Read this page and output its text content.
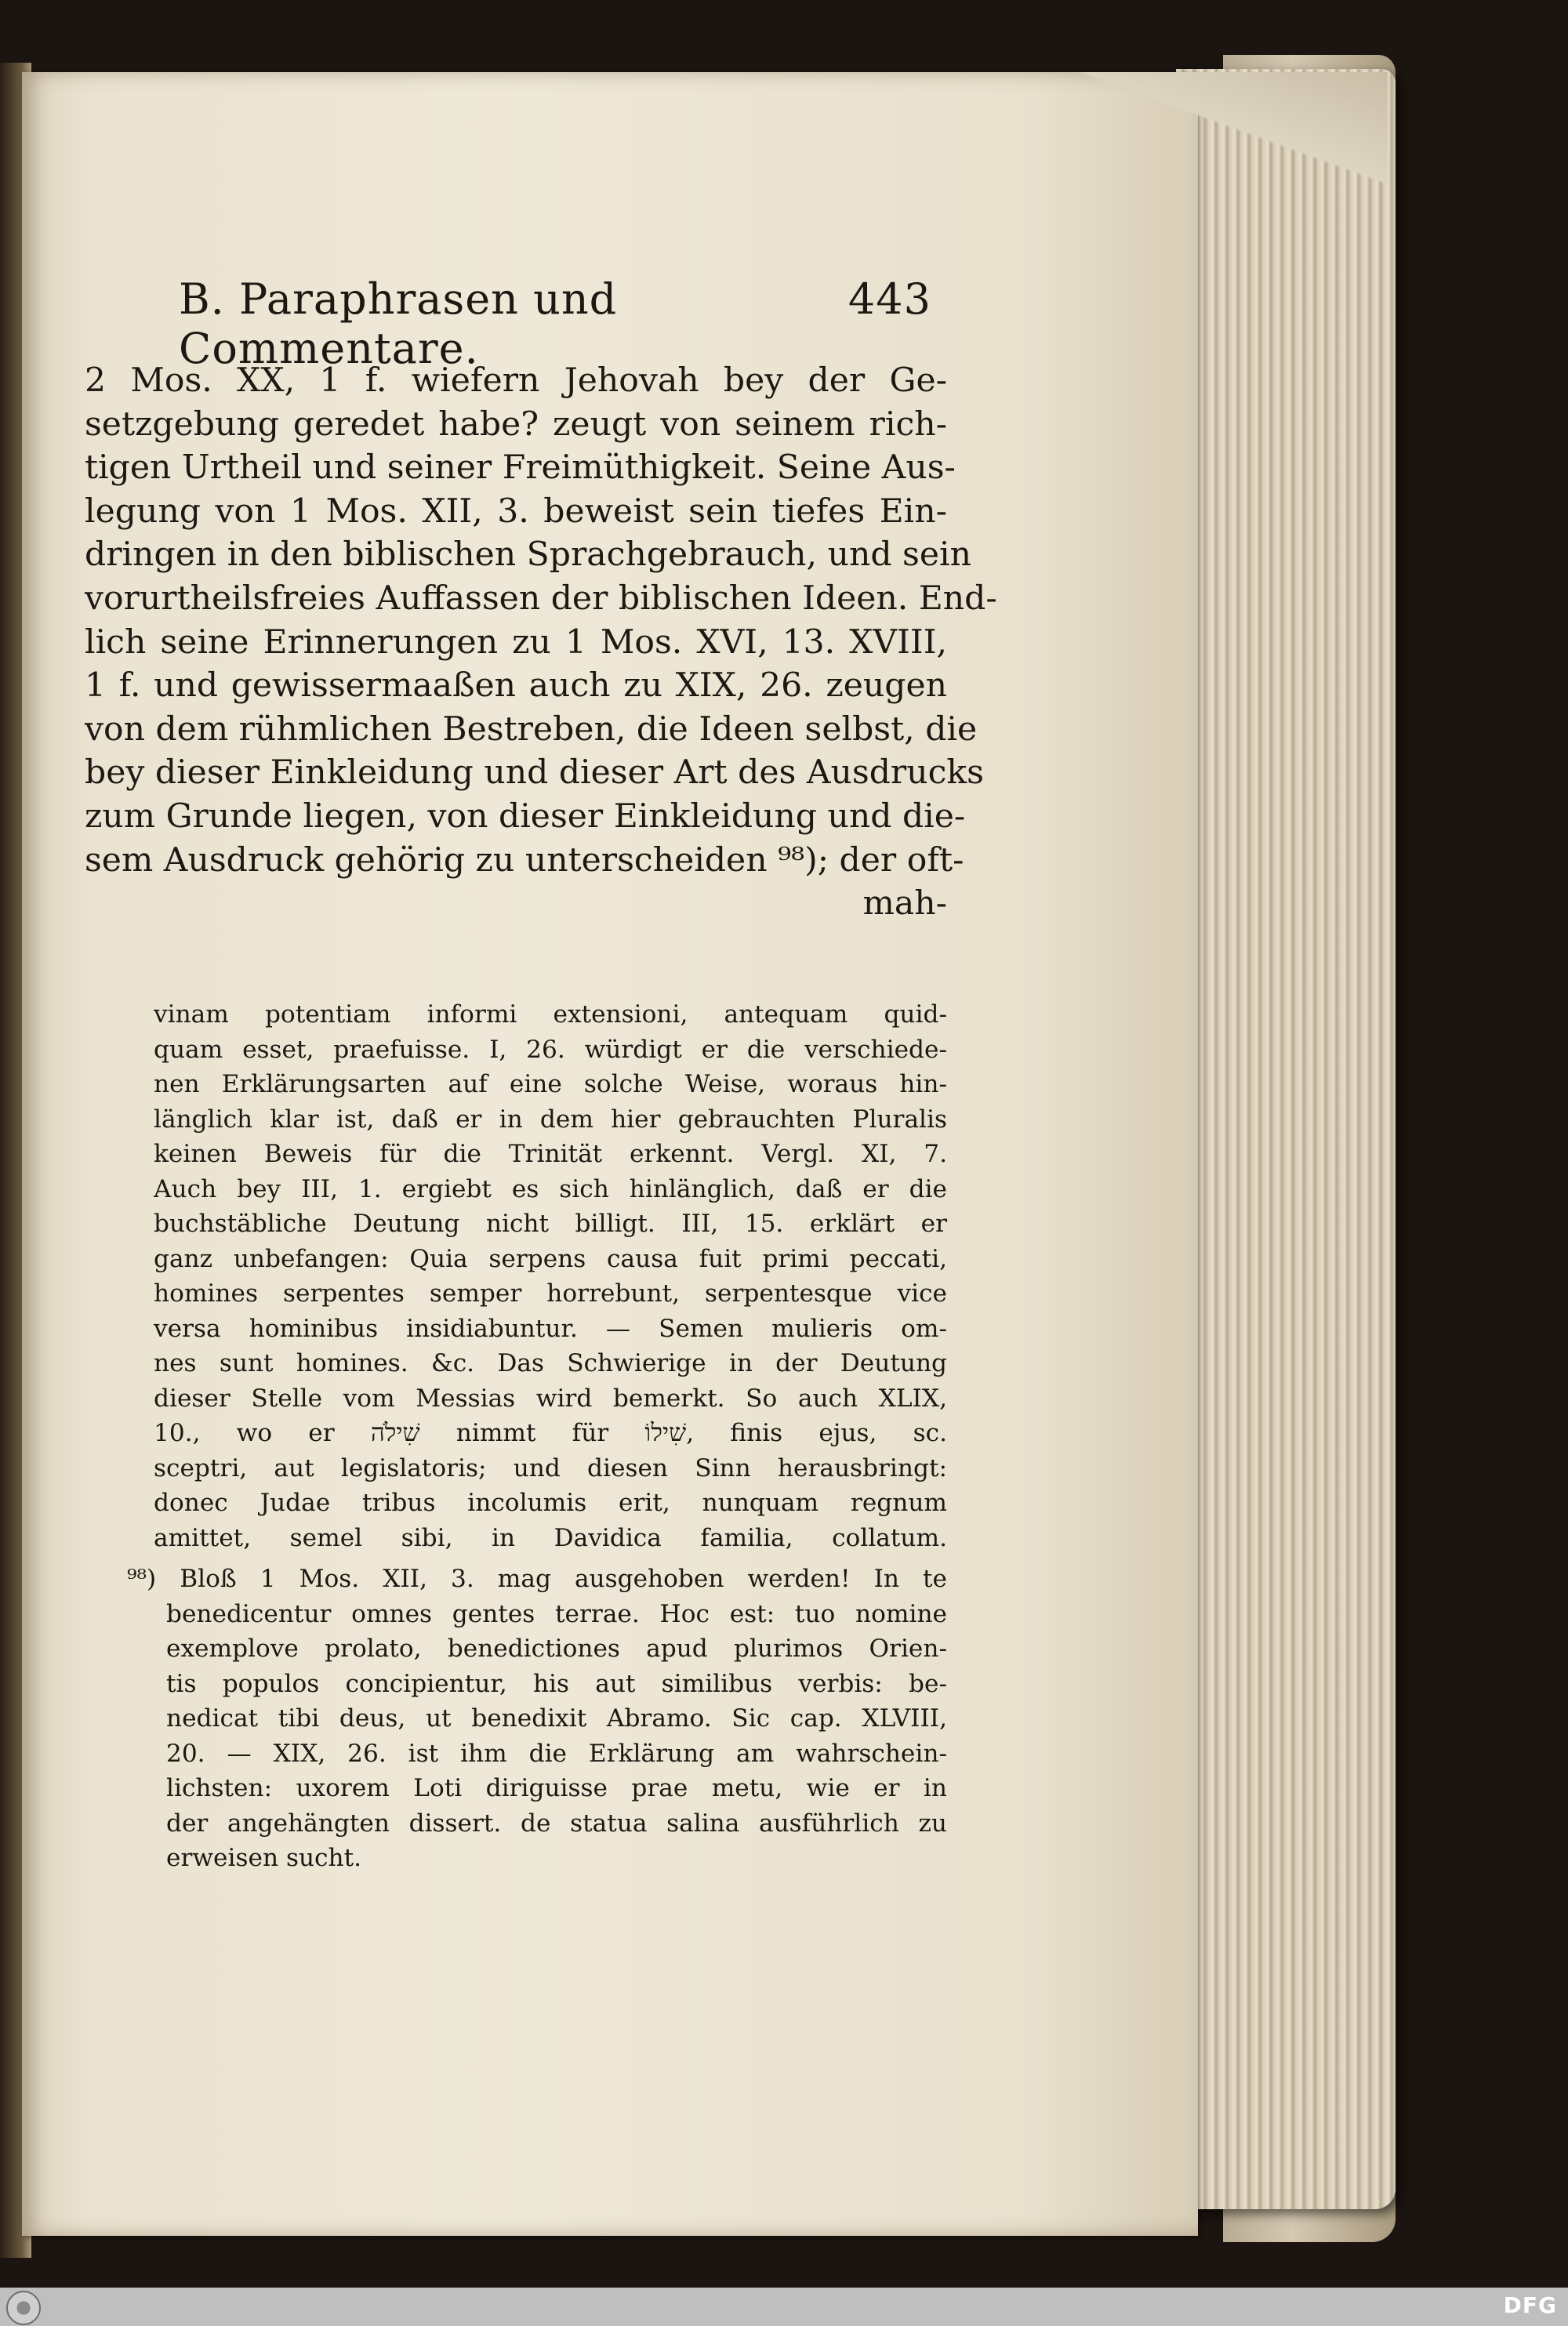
B. Paraphrasen und Commentare.
443
2 Mos. XX, 1 f. wiefern Jehovah bey der Ge-
setzgebung geredet habe? zeugt von seinem rich-
tigen Urtheil und seiner Freimüthigkeit. Seine Aus-
legung von 1 Mos. XII, 3. beweist sein tiefes Ein-
dringen in den biblischen Sprachgebrauch, und sein
vorurtheilsfreies Auffassen der biblischen Ideen. End-
lich seine Erinnerungen zu 1 Mos. XVI, 13. XVIII,
1 f. und gewissermaaßen auch zu XIX, 26. zeugen
von dem rühmlichen Bestreben, die Ideen selbst, die
bey dieser Einkleidung und dieser Art des Ausdrucks
zum Grunde liegen, von dieser Einkleidung und die-
sem Ausdruck gehörig zu unterscheiden ⁹⁸); der oft-
mah-
vinam potentiam informi extensioni, antequam quid-
quam esset, praefuisse. I, 26. würdigt er die verschiede-
nen Erklärungsarten auf eine solche Weise, woraus hin-
länglich klar ist, daß er in dem hier gebrauchten Pluralis
keinen Beweis für die Trinität erkennt. Vergl. XI, 7.
Auch bey III, 1. ergiebt es sich hinlänglich, daß er die
buchstäbliche Deutung nicht billigt. III, 15. erklärt er
ganz unbefangen: Quia serpens causa fuit primi peccati,
homines serpentes semper horrebunt, serpentesque vice
versa hominibus insidiabuntur. — Semen mulieris om-
nes sunt homines. &c. Das Schwierige in der Deutung
dieser Stelle vom Messias wird bemerkt. So auch XLIX,
10., wo er שִׁילֹה nimmt für שִׁילוֹ, finis ejus, sc.
sceptri, aut legislatoris; und diesen Sinn herausbringt:
donec Judae tribus incolumis erit, nunquam regnum
amittet, semel sibi, in Davidica familia, collatum.
⁹⁸) Bloß 1 Mos. XII, 3. mag ausgehoben werden! In te
benedicentur omnes gentes terrae. Hoc est: tuo nomine
exemplove prolato, benedictiones apud plurimos Orien-
tis populos concipientur, his aut similibus verbis: be-
nedicat tibi deus, ut benedixit Abramo. Sic cap. XLVIII,
20. — XIX, 26. ist ihm die Erklärung am wahrschein-
lichsten: uxorem Loti diriguisse prae metu, wie er in
der angehängten dissert. de statua salina ausführlich zu
erweisen sucht.
DFG
